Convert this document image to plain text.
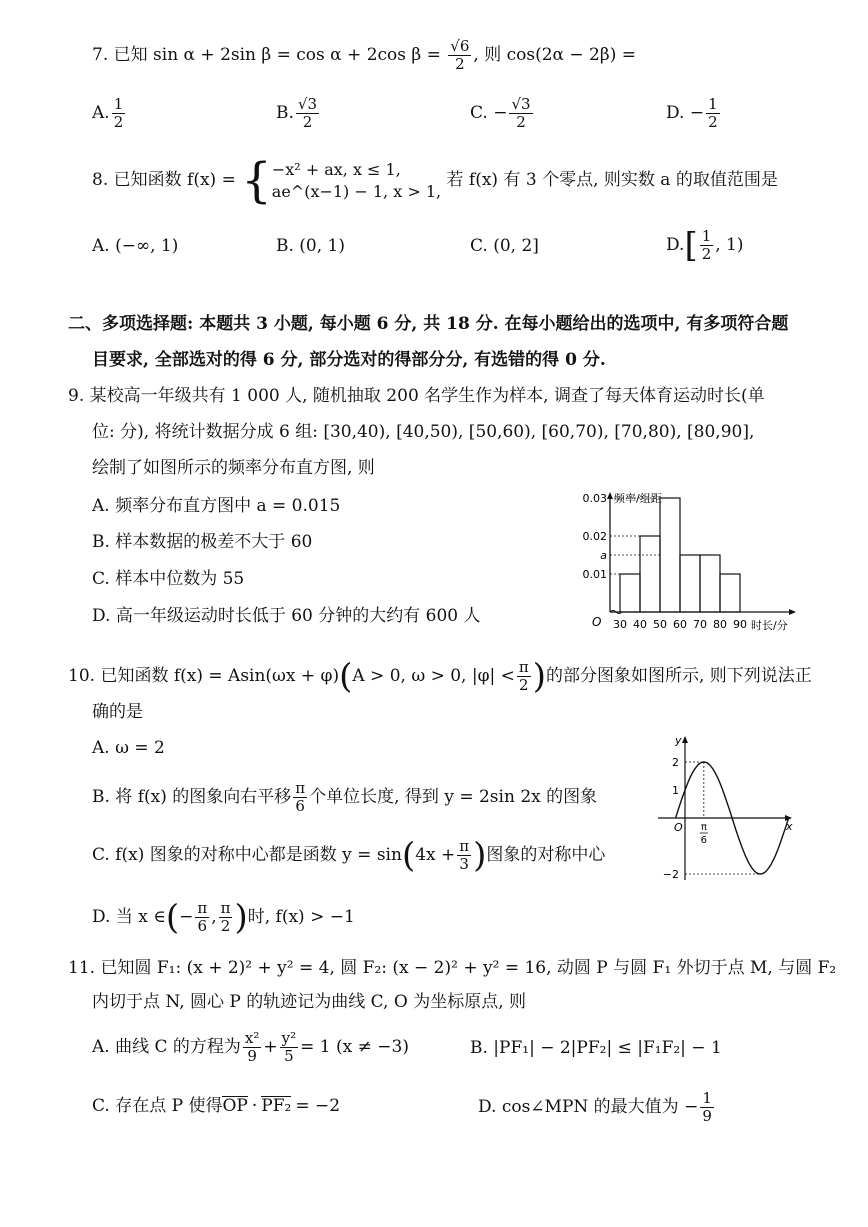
7. 已知 sin α + 2sin β = cos α + 2cos $\beta = \frac{√6}{2}$ , 则 cos(2α − 2β) =
A. $\frac{1}{2}$	B. $\frac{√3}{2}$	C. − $\frac{√3}{2}$	D. − $\frac{1}{2}$
8. 已知函数 f(x) = { −x² + ax, x ≤ 1,
ae^(x−1) − 1, x > 1,
若 f(x) 有 3 个零点, 则实数 a 的取值范围是
A. (−∞, 1)	B. (0, 1)	C. (0, 2]	$D.[ \frac{1}{2}$ , 1)
二、多项选择题: 本题共 3 小题, 每小题 6 分, 共 18 分. 在每小题给出的选项中, 有多项符合题
目要求, 全部选对的得 6 分, 部分选对的得部分分, 有选错的得 0 分.
9. 某校高一年级共有 1 000 人, 随机抽取 200 名学生作为样本, 调查了每天体育运动时长(单
位: 分), 将统计数据分成 6 组: [30,40), [40,50), [50,60), [60,70), [70,80), [80,90],
绘制了如图所示的频率分布直方图, 则
A. 频率分布直方图中 a = 0.015
B. 样本数据的极差不大于 60
C. 样本中位数为 55
D. 高一年级运动时长低于 60 分钟的大约有 600 人
频率/组距
时长/分
O
0.03
0.02
a
0.01
30 40 50 60 70 80 90
10. 已知函数 f(x) = Asin(ωx + φ)(A > 0, ω > 0, $|\varphi| < \frac{\pi}{2}$ )的部分图象如图所示, 则下列说法正
确的是
A. ω = 2
B. 将 f(x) 的图象向右平移 $\frac{\pi}{6}$ 个单位长度, 得到 y = 2sin 2x 的图象
C. f(x) 图象的对称中心都是函数 $y = \sin(4x + \frac{\pi}{3}$ )图象的对称中心
D. 当 x ∈(− $\frac{\pi}{6}$ , $\frac{\pi}{2}$ )时, f(x) > −1
y
x
O
2
1
−2
π
6
11. 已知圆 F₁: (x + 2)² + y² = 4, 圆 F₂: (x − 2)² + y² = 16, 动圆 P 与圆 F₁ 外切于点 M, 与圆 F₂
内切于点 N, 圆心 P 的轨迹记为曲线 C, O 为坐标原点, 则
A. 曲线 C 的方程为 $\frac{\text{x²}}{9} + \frac{\text{y²}}{5} = 1$ (x ≠ −3)	B. |PF₁| − 2|PF₂| ≤ |F₁F₂| − 1
C. 存在点 P 使得OP · PF₂ = −2	D. cos∠MPN 的最大值为 − $\frac{1}{9}$
